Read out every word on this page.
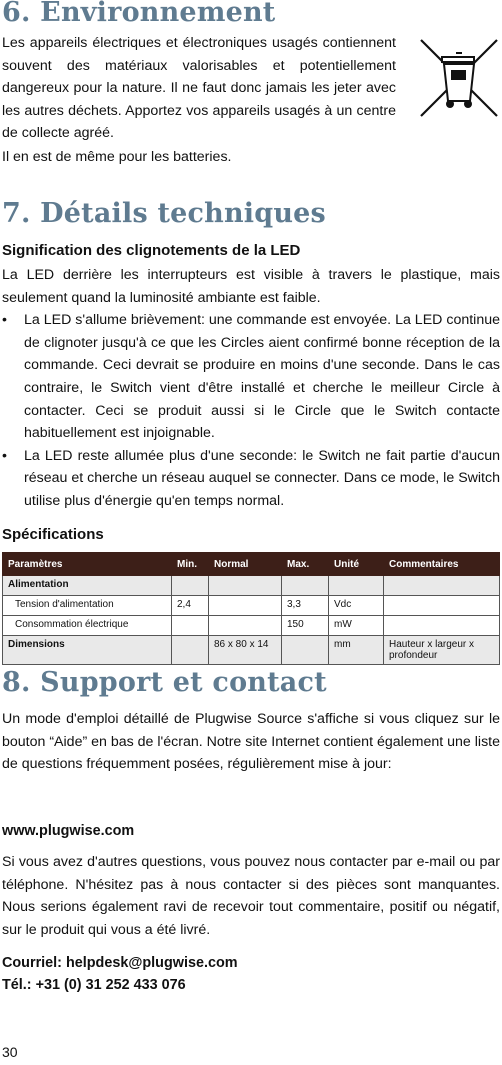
6. Environnement

Les appareils électriques et électroniques usagés contiennent souvent des matériaux valorisables et potentiellement dangereux pour la nature. Il ne faut donc jamais les jeter avec les autres déchets. Apportez vos appareils usagés à un centre de collecte agréé.

Il en est de même pour les batteries.

7. Détails techniques

Signification des clignotements de la LED

La LED derrière les interrupteurs est visible à travers le plastique, mais seulement quand la luminosité ambiante est faible.

•	La LED s'allume brièvement: une commande est envoyée. La LED continue de clignoter jusqu'à ce que les Circles aient confirmé bonne réception de la commande. Ceci devrait se produire en moins d'une seconde. Dans le cas contraire, le Switch vient d'être installé et cherche le meilleur Circle à contacter. Ceci se produit aussi si le Circle que le Switch contacte habituellement est injoignable.

•	La LED reste allumée plus d'une seconde: le Switch ne fait partie d'aucun réseau et cherche un réseau auquel se connecter. Dans ce mode, le Switch utilise plus d'énergie qu'en temps normal.

Spécifications

Paramètres	Min.	Normal	Max.	Unité	Commentaires
Alimentation					
Tension d'alimentation	2,4		3,3	Vdc	
Consommation électrique			150	mW	
Dimensions		86 x 80 x 14		mm	Hauteur x largeur x profondeur
8. Support et contact

Un mode d'emploi détaillé de Plugwise Source s'affiche si vous cliquez sur le bouton “Aide” en bas de l'écran. Notre site Internet contient également une liste de questions fréquemment posées, régulièrement mise à jour:

www.plugwise.com

Si vous avez d'autres questions, vous pouvez nous contacter par e-mail ou par téléphone. N'hésitez pas à nous contacter si des pièces sont manquantes. Nous serions également ravi de recevoir tout commentaire, positif ou négatif, sur le produit qui vous a été livré.

Courriel: helpdesk@plugwise.com
Tél.: +31 (0) 31 252 433 076
30
